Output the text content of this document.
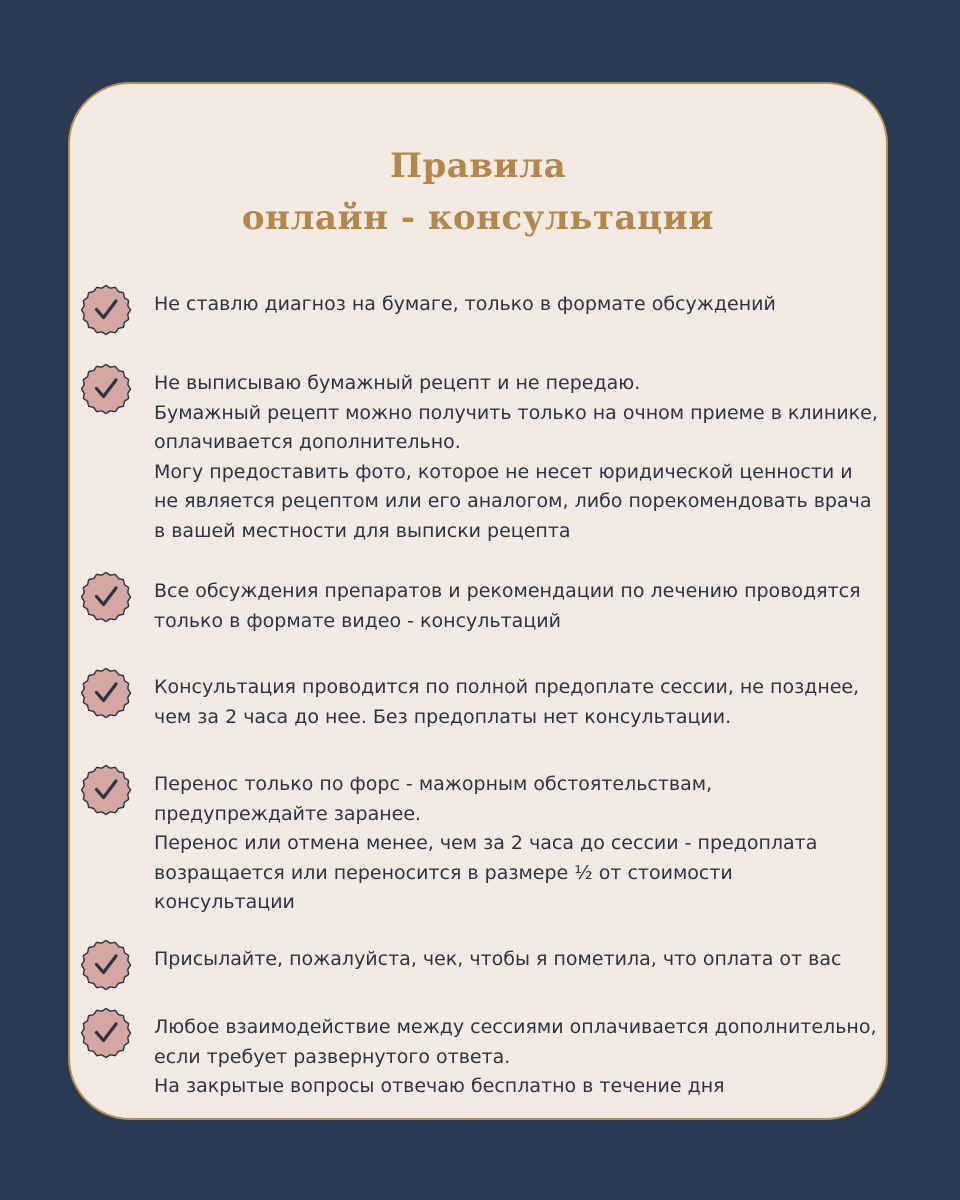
Правила
онлайн - консультации
Не ставлю диагноз на бумаге, только в формате обсуждений
Не выписываю бумажный рецепт и не передаю.
Бумажный рецепт можно получить только на очном приеме в клинике,
оплачивается дополнительно.
Могу предоставить фото, которое не несет юридической ценности и
не является рецептом или его аналогом, либо порекомендовать врача
в вашей местности для выписки рецепта
Все обсуждения препаратов и рекомендации по лечению проводятся
только в формате видео - консультаций
Консультация проводится по полной предоплате сессии, не позднее,
чем за 2 часа до нее. Без предоплаты нет консультации.
Перенос только по форс - мажорным обстоятельствам,
предупреждайте заранее.
Перенос или отмена менее, чем за 2 часа до сессии - предоплата
возращается или переносится в размере ½ от стоимости
консультации
Присылайте, пожалуйста, чек, чтобы я пометила, что оплата от вас
Любое взаимодействие между сессиями оплачивается дополнительно,
если требует развернутого ответа.
На закрытые вопросы отвечаю бесплатно в течение дня
